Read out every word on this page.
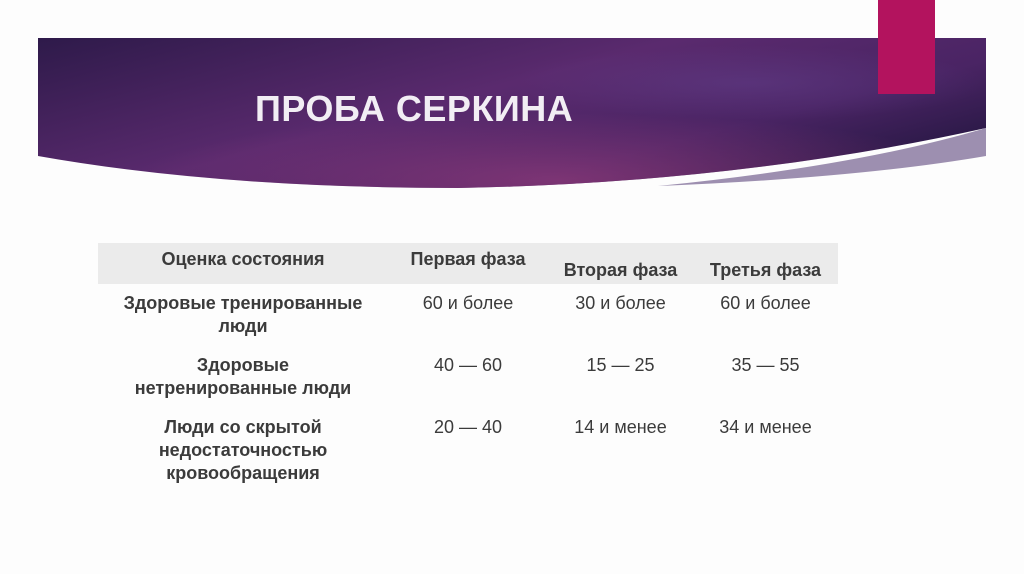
ПРОБА СЕРКИНА
Оценка состояния	Первая фаза	Вторая фаза	Третья фаза
Здоровые тренированные
люди	60 и более	30 и более	60 и более
Здоровые
нетренированные люди	40 — 60	15 — 25	35 — 55
Люди со скрытой
недостаточностью
кровообращения	20 — 40	14 и менее	34 и менее
